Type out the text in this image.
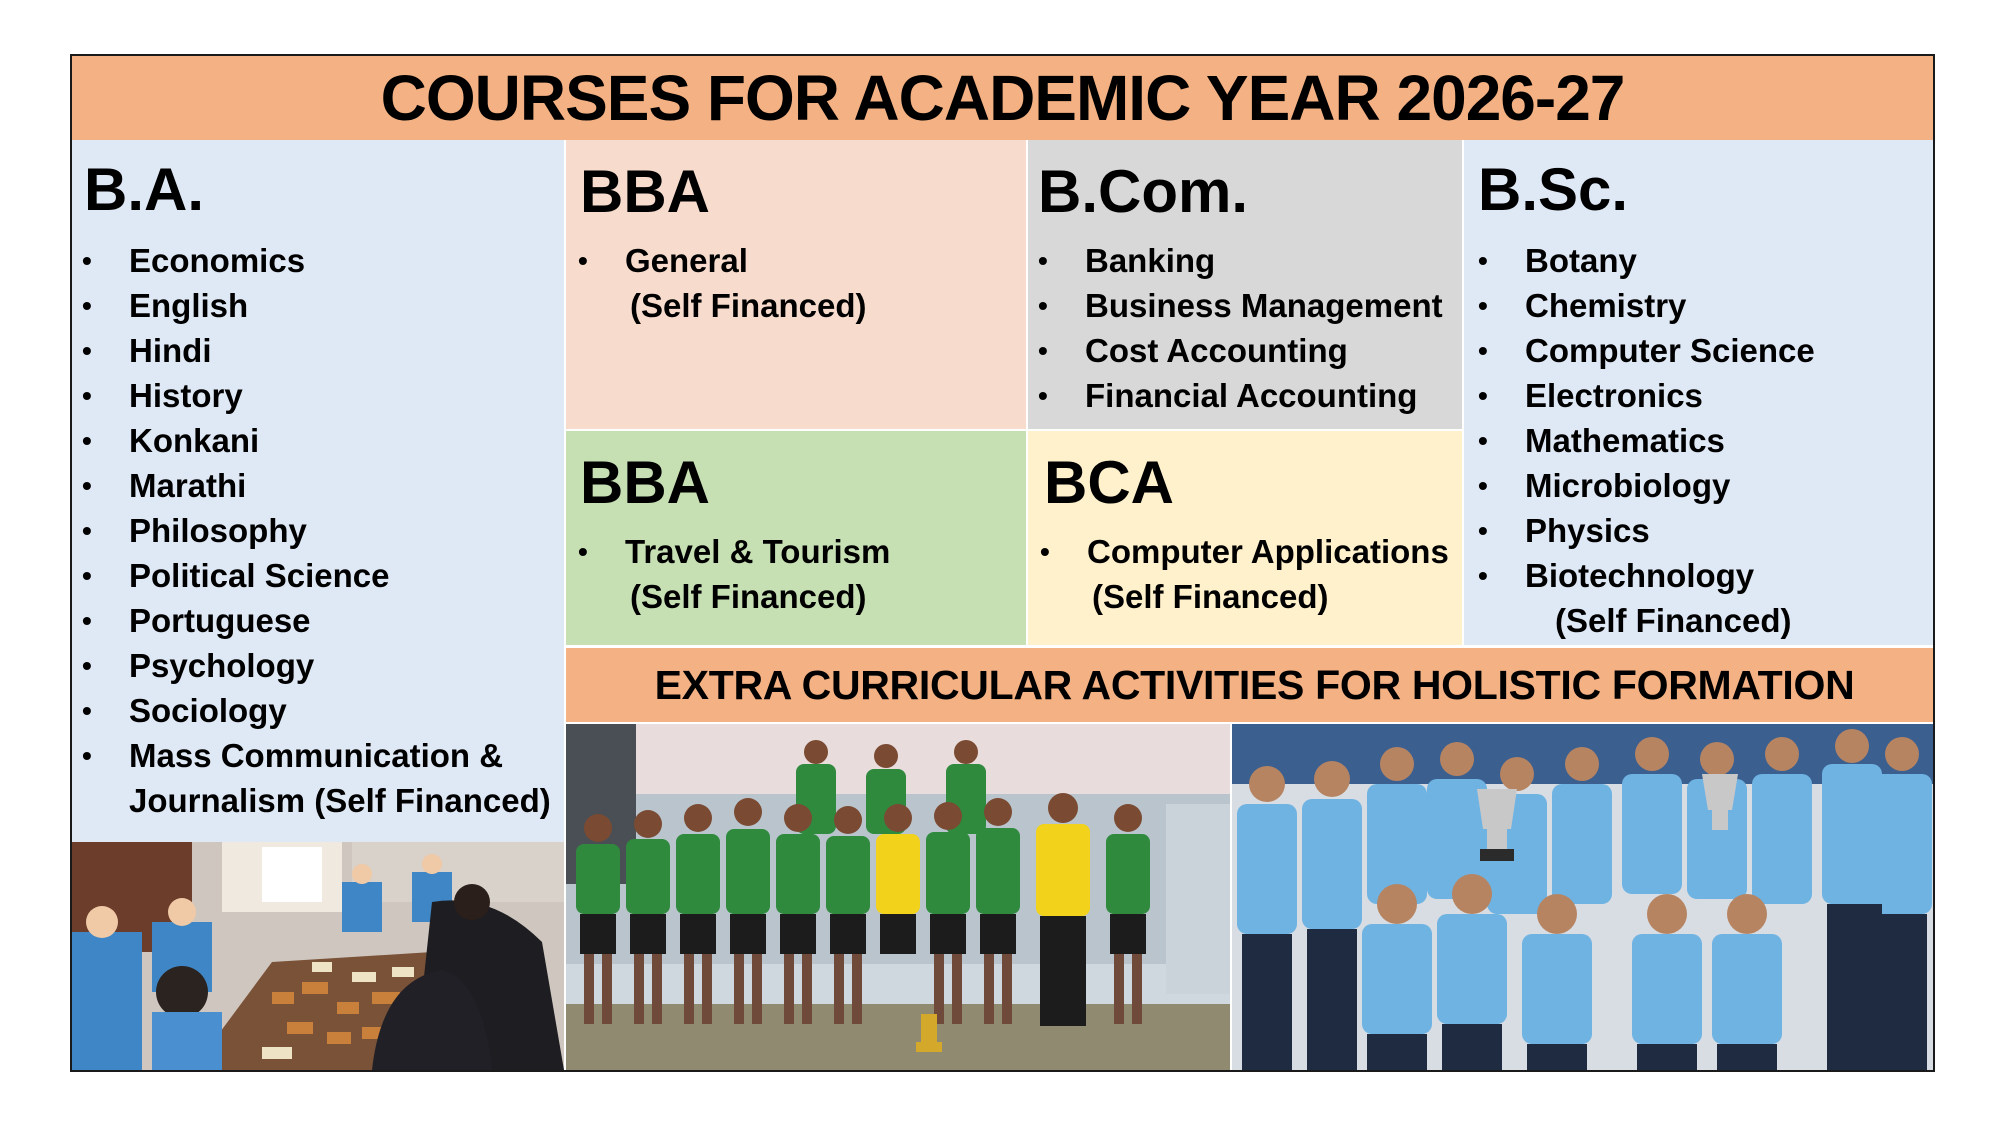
COURSES FOR ACADEMIC YEAR 2026-27
B.A.
• Economics
• English
• Hindi
• History
• Konkani
• Marathi
• Philosophy
• Political Science
• Portuguese
• Psychology
• Sociology
• Mass Communication &
Journalism (Self Financed)
BBA
• General
(Self Financed)
B.Com.
• Banking
• Business Management
• Cost Accounting
• Financial Accounting
B.Sc.
• Botany
• Chemistry
• Computer Science
• Electronics
• Mathematics
• Microbiology
• Physics
• Biotechnology
(Self Financed)
BBA
• Travel & Tourism
(Self Financed)
BCA
• Computer Applications
(Self Financed)
EXTRA CURRICULAR ACTIVITIES FOR HOLISTIC FORMATION
